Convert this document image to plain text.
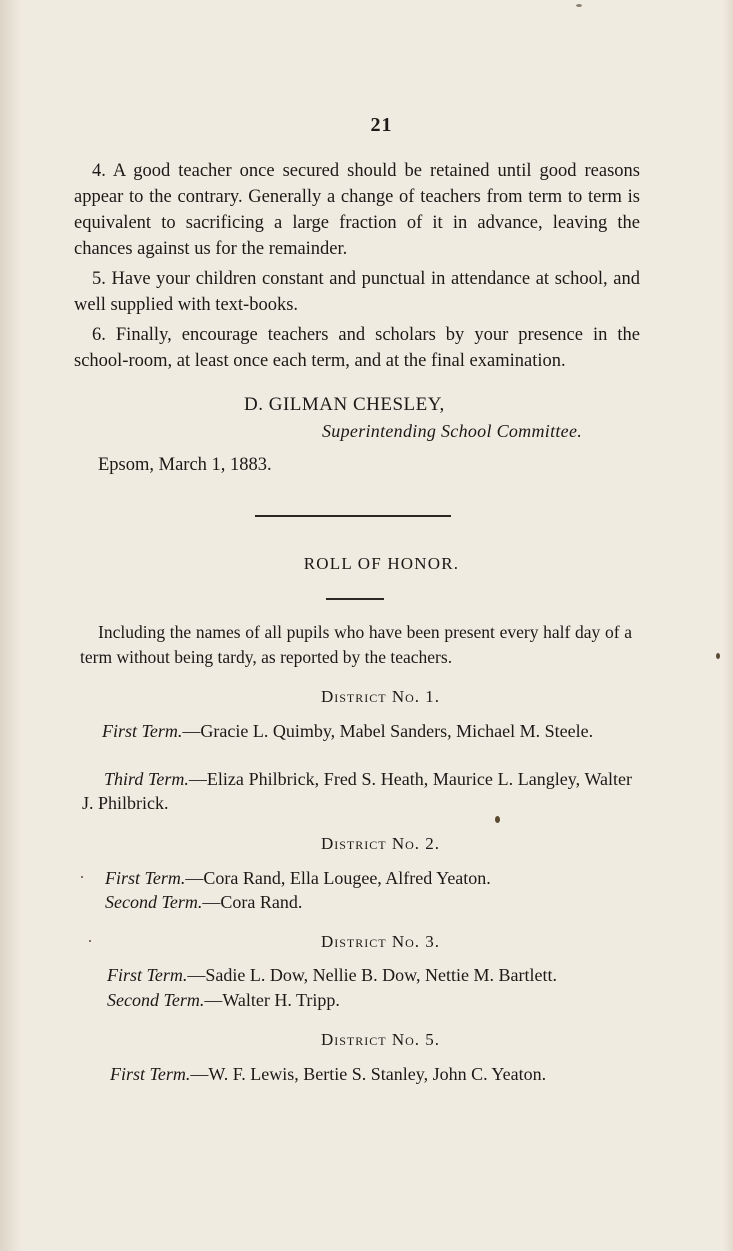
21

4. A good teacher once secured should be retained until good reasons appear to the contrary. Generally a change of teachers from term to term is equivalent to sacrificing a large fraction of it in advance, leaving the chances against us for the remainder.

5. Have your children constant and punctual in attendance at school, and well supplied with text-books.

6. Finally, encourage teachers and scholars by your presence in the school-room, at least once each term, and at the final examination.

D. GILMAN CHESLEY,
Superintending School Committee.
Epsom, March 1, 1883.
ROLL OF HONOR.

Including the names of all pupils who have been present every half day of a term without being tardy, as reported by the teachers.

District No. 1.
First Term.—Gracie L. Quimby, Mabel Sanders, Michael M. Steele.
Third Term.—Eliza Philbrick, Fred S. Heath, Maurice L. Langley, Walter J. Philbrick.
District No. 2.
First Term.—Cora Rand, Ella Lougee, Alfred Yeaton.
Second Term.—Cora Rand.
District No. 3.
First Term.—Sadie L. Dow, Nellie B. Dow, Nettie M. Bartlett.
Second Term.—Walter H. Tripp.
District No. 5.
First Term.—W. F. Lewis, Bertie S. Stanley, John C. Yeaton.
